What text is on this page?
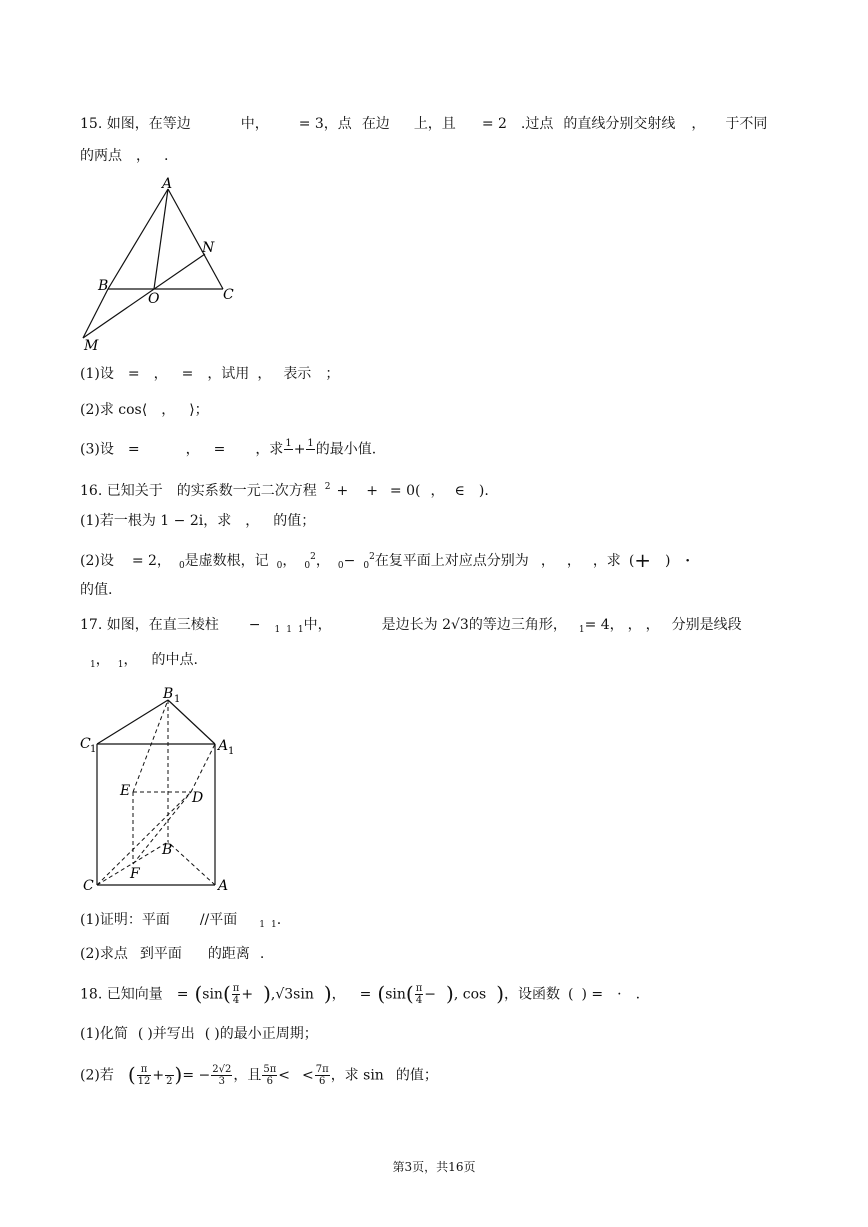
15. 如图，在等边	中， = 3，点 在边 上，且 = 2 .过点 的直线分别交射线 ， 于不同
的两点 ， .
A
N
B
O	C
M
(1)设 = ， = ，试用 ， 表示 ；
(2)求 cos⟨ ， ⟩；
(3)设 =	， = ，求 1 + 1 的最小值.
16. 已知关于 的实系数一元二次方程 $^2$ + + = 0( ， ∈ ).
(1)若一根为 1 − 2i，求 ， 的值；
(2)设 = 2， $_0$是虚数根，记 $_0$， $_0^2$， $_0$− $_0^2$在复平面上对应点分别为 ， ， ，求 (+ ) ·
的值.
17. 如图，在直三棱柱 − $_1$ $_1$ $_1$中，	是边长为 2√3的等边三角形， $_1$= 4， ， ， 分别是线段
$_1$， $_1$， 的中点.
B 1
C 1	A 1
E	D
B
F
C	A
(1)证明：平面 //平面 $_1$ $_1$.
(2)求点 到平面 的距离 .
18. 已知向量 = ($\sin( \frac{\pi}{4} + ),√3\sin$ )， = ($\sin( \frac{\pi}{4}$ − ), cos )，设函数 ( ) = · .
(1)化简 ( )并写出 ( )的最小正周期；
(2)若 ( $\frac{\pi}{12} + 2$ )= − $\frac{2√2}{3}$ ，且 $\frac{5\pi}{6}$ < < $\frac{7\pi}{6}$ ，求 sin 的值；
第3页，共16页
